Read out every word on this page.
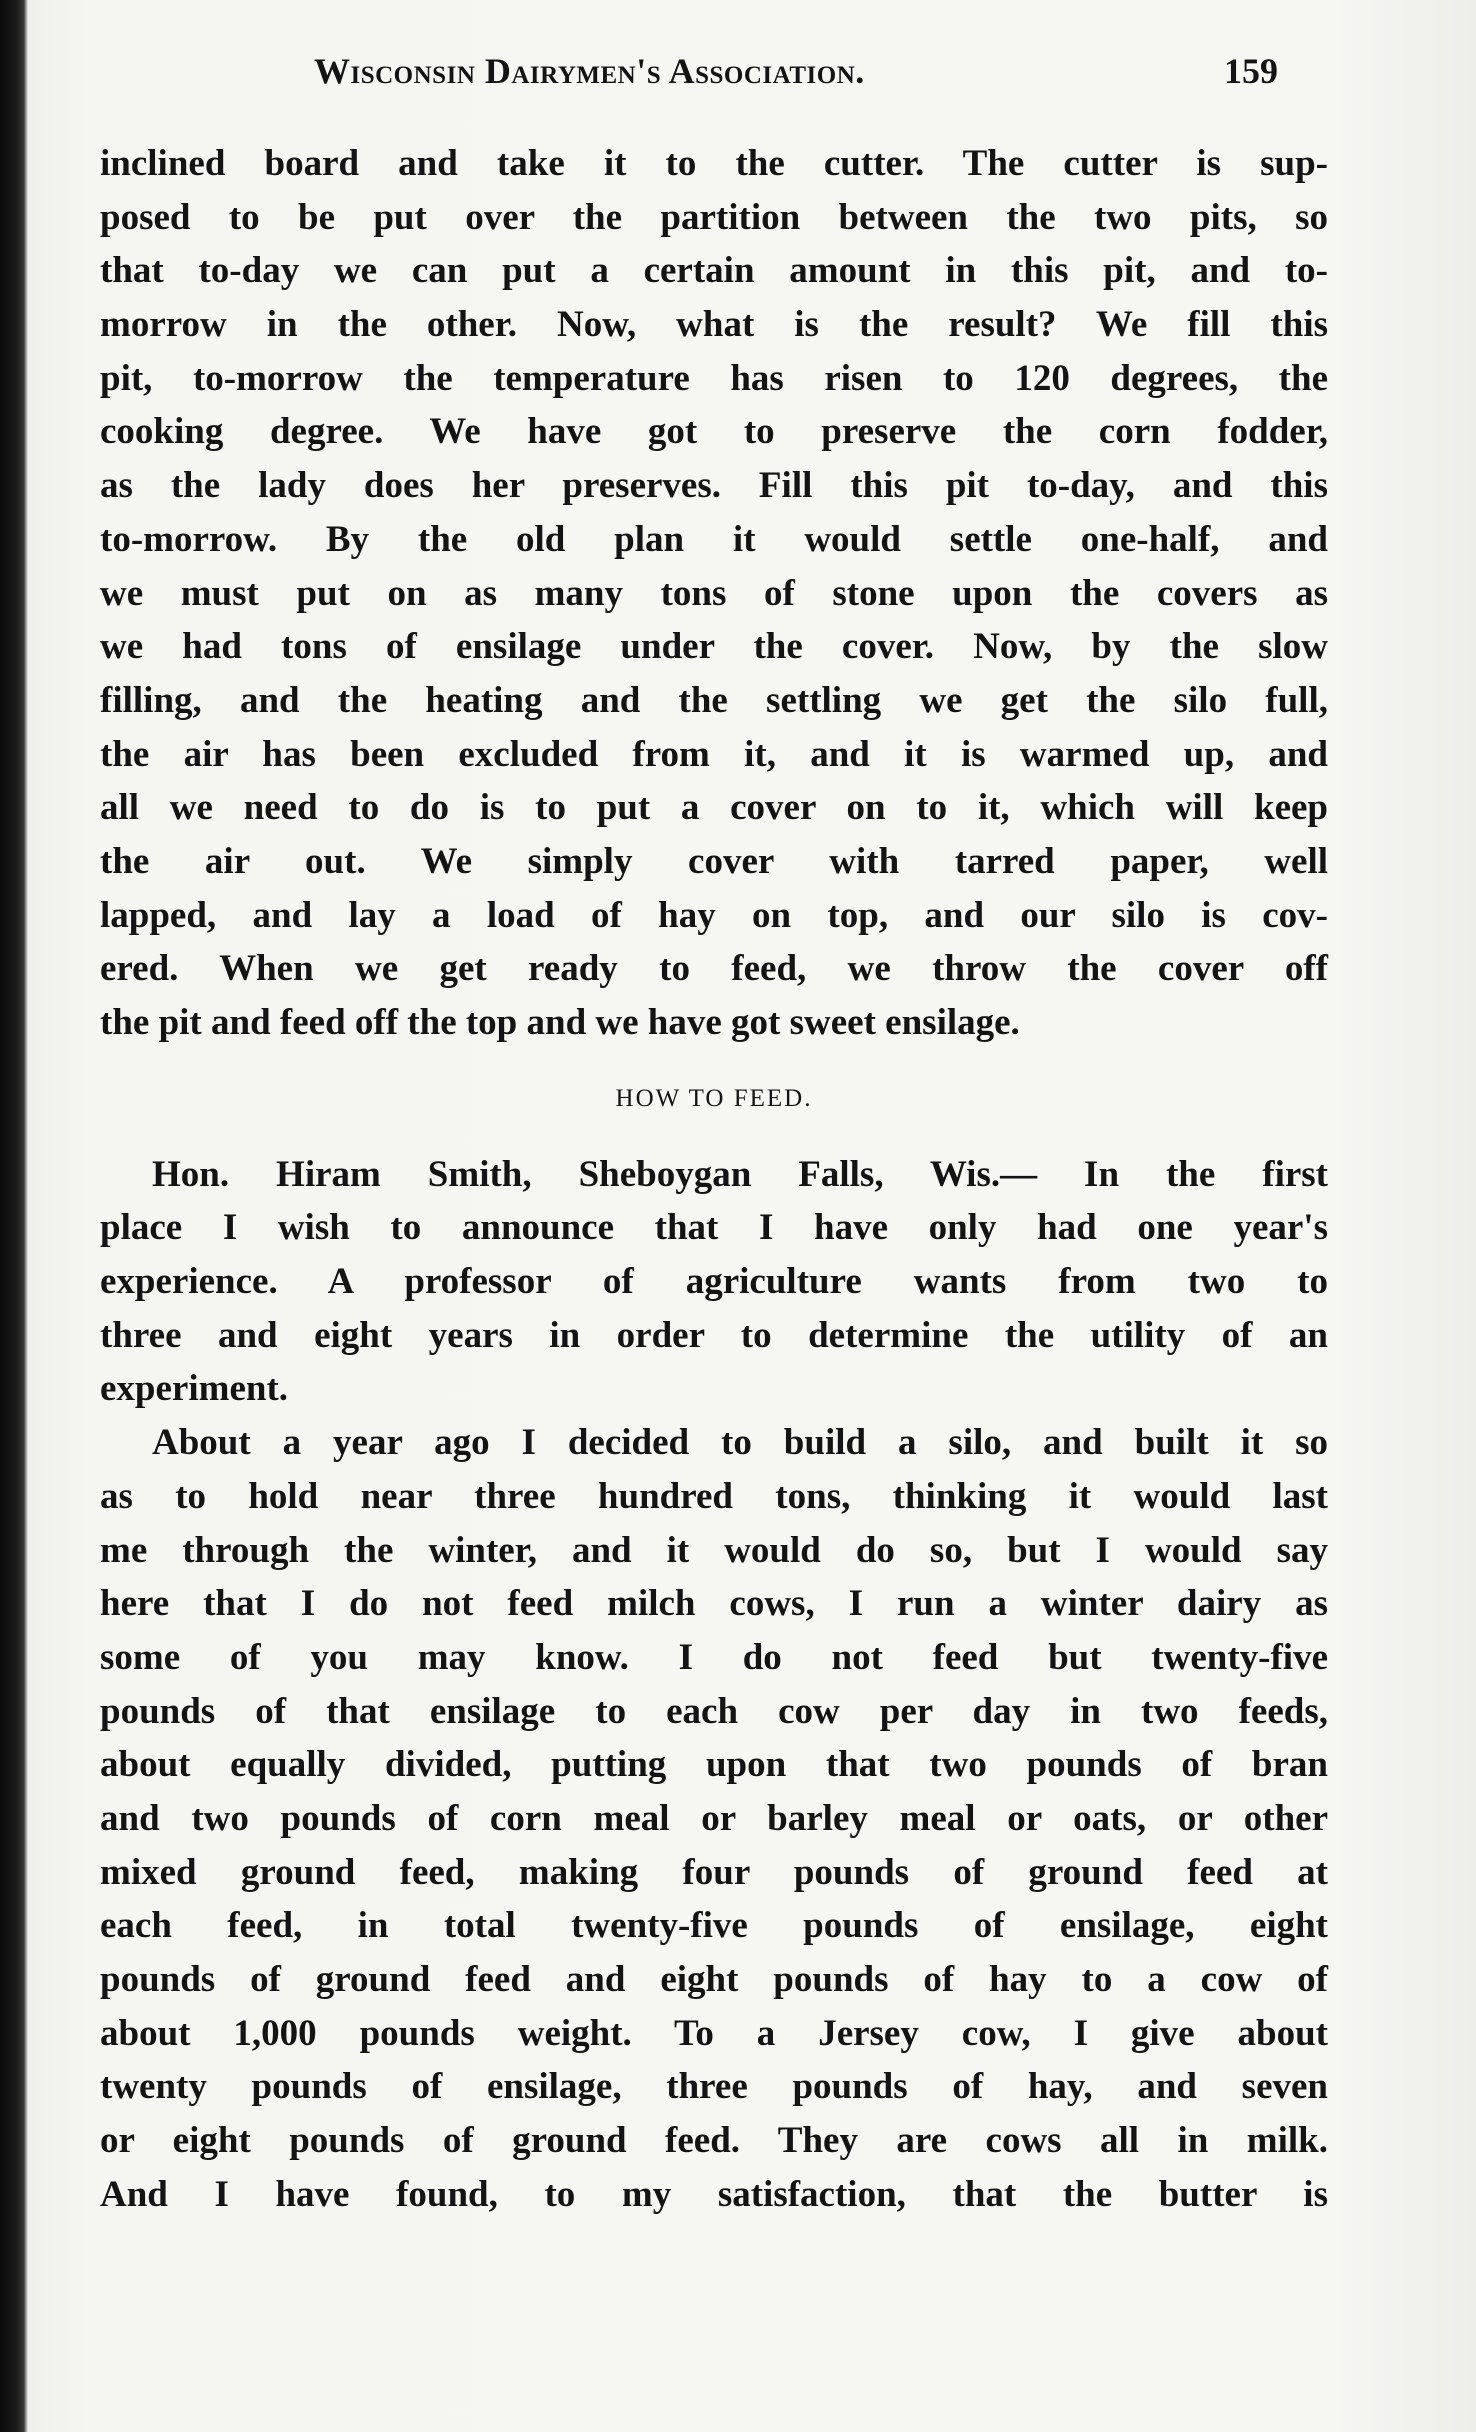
Wisconsin Dairymen's Association.	159
inclined board and take it to the cutter. The cutter is sup-
posed to be put over the partition between the two pits, so
that to-day we can put a certain amount in this pit, and to-
morrow in the other. Now, what is the result? We fill this
pit, to-morrow the temperature has risen to 120 degrees, the
cooking degree. We have got to preserve the corn fodder,
as the lady does her preserves. Fill this pit to-day, and this
to-morrow. By the old plan it would settle one-half, and
we must put on as many tons of stone upon the covers as
we had tons of ensilage under the cover. Now, by the slow
filling, and the heating and the settling we get the silo full,
the air has been excluded from it, and it is warmed up, and
all we need to do is to put a cover on to it, which will keep
the air out. We simply cover with tarred paper, well
lapped, and lay a load of hay on top, and our silo is cov-
ered. When we get ready to feed, we throw the cover off
the pit and feed off the top and we have got sweet ensilage.
HOW TO FEED.
Hon. Hiram Smith, Sheboygan Falls, Wis.— In the first
place I wish to announce that I have only had one year's
experience. A professor of agriculture wants from two to
three and eight years in order to determine the utility of an
experiment.
About a year ago I decided to build a silo, and built it so
as to hold near three hundred tons, thinking it would last
me through the winter, and it would do so, but I would say
here that I do not feed milch cows, I run a winter dairy as
some of you may know. I do not feed but twenty-five
pounds of that ensilage to each cow per day in two feeds,
about equally divided, putting upon that two pounds of bran
and two pounds of corn meal or barley meal or oats, or other
mixed ground feed, making four pounds of ground feed at
each feed, in total twenty-five pounds of ensilage, eight
pounds of ground feed and eight pounds of hay to a cow of
about 1,000 pounds weight. To a Jersey cow, I give about
twenty pounds of ensilage, three pounds of hay, and seven
or eight pounds of ground feed. They are cows all in milk.
And I have found, to my satisfaction, that the butter is
